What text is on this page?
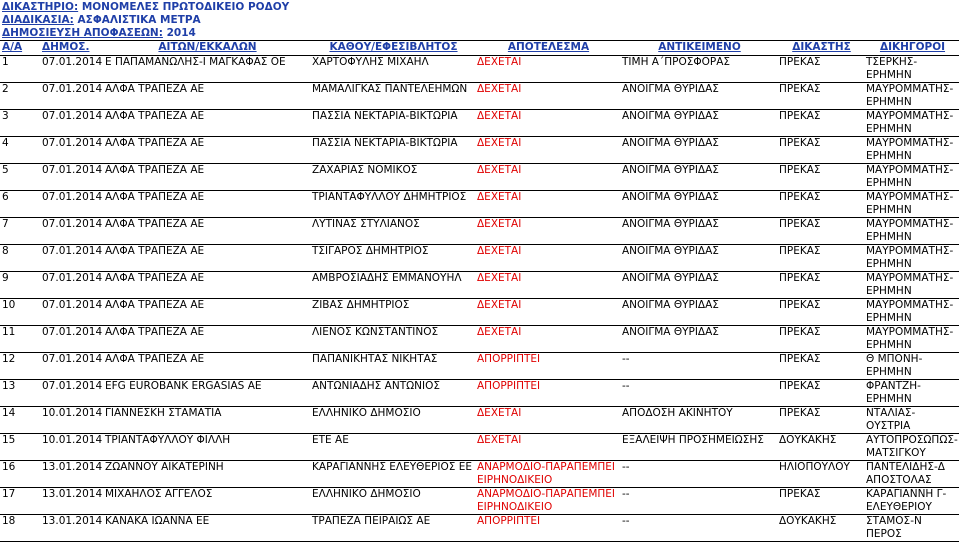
ΔΙΚΑΣΤΗΡΙΟ: ΜΟΝΟΜΕΛΕΣ ΠΡΩΤΟΔΙΚΕΙΟ ΡΟΔΟΥ
ΔΙΑΔΙΚΑΣΙΑ: ΑΣΦΑΛΙΣΤΙΚΑ ΜΕΤΡΑ
ΔΗΜΟΣΙΕΥΣΗ ΑΠΟΦΑΣΕΩΝ: 2014
Α/Α	ΔΗΜΟΣ.	ΑΙΤΩΝ/ΕΚΚΑΛΩΝ	ΚΑΘΟΥ/ΕΦΕΣΙΒΛΗΤΟΣ	ΑΠΟΤΕΛΕΣΜΑ	ΑΝΤΙΚΕΙΜΕΝΟ	ΔΙΚΑΣΤΗΣ	ΔΙΚΗΓΟΡΟΙ
1	07.01.2014	Ε ΠΑΠΑΜΑΝΩΛΗΣ-Ι ΜΑΓΚΑΦΑΣ ΟΕ	ΧΑΡΤΟΦΥΛΗΣ ΜΙΧΑΗΛ	ΔΕΧΕΤΑΙ	ΤΙΜΗ Α΄ΠΡΟΣΦΟΡΑΣ	ΠΡΕΚΑΣ	ΤΣΕΡΚΗΣ-ΕΡΗΜΗΝ
2	07.01.2014	ΑΛΦΑ ΤΡΑΠΕΖΑ ΑΕ	ΜΑΜΑΛΙΓΚΑΣ ΠΑΝΤΕΛΕΗΜΩΝ	ΔΕΧΕΤΑΙ	ΑΝΟΙΓΜΑ ΘΥΡΙΔΑΣ	ΠΡΕΚΑΣ	ΜΑΥΡΟΜΜΑΤΗΣ-ΕΡΗΜΗΝ
3	07.01.2014	ΑΛΦΑ ΤΡΑΠΕΖΑ ΑΕ	ΠΑΣΣΙΑ ΝΕΚΤΑΡΙΑ-ΒΙΚΤΩΡΙΑ	ΔΕΧΕΤΑΙ	ΑΝΟΙΓΜΑ ΘΥΡΙΔΑΣ	ΠΡΕΚΑΣ	ΜΑΥΡΟΜΜΑΤΗΣ-ΕΡΗΜΗΝ
4	07.01.2014	ΑΛΦΑ ΤΡΑΠΕΖΑ ΑΕ	ΠΑΣΣΙΑ ΝΕΚΤΑΡΙΑ-ΒΙΚΤΩΡΙΑ	ΔΕΧΕΤΑΙ	ΑΝΟΙΓΜΑ ΘΥΡΙΔΑΣ	ΠΡΕΚΑΣ	ΜΑΥΡΟΜΜΑΤΗΣ-ΕΡΗΜΗΝ
5	07.01.2014	ΑΛΦΑ ΤΡΑΠΕΖΑ ΑΕ	ΖΑΧΑΡΙΑΣ ΝΟΜΙΚΟΣ	ΔΕΧΕΤΑΙ	ΑΝΟΙΓΜΑ ΘΥΡΙΔΑΣ	ΠΡΕΚΑΣ	ΜΑΥΡΟΜΜΑΤΗΣ-ΕΡΗΜΗΝ
6	07.01.2014	ΑΛΦΑ ΤΡΑΠΕΖΑ ΑΕ	ΤΡΙΑΝΤΑΦΥΛΛΟΥ ΔΗΜΗΤΡΙΟΣ	ΔΕΧΕΤΑΙ	ΑΝΟΙΓΜΑ ΘΥΡΙΔΑΣ	ΠΡΕΚΑΣ	ΜΑΥΡΟΜΜΑΤΗΣ-ΕΡΗΜΗΝ
7	07.01.2014	ΑΛΦΑ ΤΡΑΠΕΖΑ ΑΕ	ΛΥΤΙΝΑΣ ΣΤΥΛΙΑΝΟΣ	ΔΕΧΕΤΑΙ	ΑΝΟΙΓΜΑ ΘΥΡΙΔΑΣ	ΠΡΕΚΑΣ	ΜΑΥΡΟΜΜΑΤΗΣ-ΕΡΗΜΗΝ
8	07.01.2014	ΑΛΦΑ ΤΡΑΠΕΖΑ ΑΕ	ΤΣΙΓΑΡΟΣ ΔΗΜΗΤΡΙΟΣ	ΔΕΧΕΤΑΙ	ΑΝΟΙΓΜΑ ΘΥΡΙΔΑΣ	ΠΡΕΚΑΣ	ΜΑΥΡΟΜΜΑΤΗΣ-ΕΡΗΜΗΝ
9	07.01.2014	ΑΛΦΑ ΤΡΑΠΕΖΑ ΑΕ	ΑΜΒΡΟΣΙΑΔΗΣ ΕΜΜΑΝΟΥΗΛ	ΔΕΧΕΤΑΙ	ΑΝΟΙΓΜΑ ΘΥΡΙΔΑΣ	ΠΡΕΚΑΣ	ΜΑΥΡΟΜΜΑΤΗΣ-ΕΡΗΜΗΝ
10	07.01.2014	ΑΛΦΑ ΤΡΑΠΕΖΑ ΑΕ	ΖΙΒΑΣ ΔΗΜΗΤΡΙΟΣ	ΔΕΧΕΤΑΙ	ΑΝΟΙΓΜΑ ΘΥΡΙΔΑΣ	ΠΡΕΚΑΣ	ΜΑΥΡΟΜΜΑΤΗΣ-ΕΡΗΜΗΝ
11	07.01.2014	ΑΛΦΑ ΤΡΑΠΕΖΑ ΑΕ	ΛΙΕΝΟΣ ΚΩΝΣΤΑΝΤΙΝΟΣ	ΔΕΧΕΤΑΙ	ΑΝΟΙΓΜΑ ΘΥΡΙΔΑΣ	ΠΡΕΚΑΣ	ΜΑΥΡΟΜΜΑΤΗΣ-ΕΡΗΜΗΝ
12	07.01.2014	ΑΛΦΑ ΤΡΑΠΕΖΑ ΑΕ	ΠΑΠΑΝΙΚΗΤΑΣ ΝΙΚΗΤΑΣ	ΑΠΟΡΡΙΠΤΕΙ	--	ΠΡΕΚΑΣ	Θ ΜΠΟΝΗ-ΕΡΗΜΗΝ
13	07.01.2014	EFG EUROBANK ERGASIAS AE	ΑΝΤΩΝΙΑΔΗΣ ΑΝΤΩΝΙΟΣ	ΑΠΟΡΡΙΠΤΕΙ	--	ΠΡΕΚΑΣ	ΦΡΑΝΤΖΗ-ΕΡΗΜΗΝ
14	10.01.2014	ΓΙΑΝΝΕΣΚΗ ΣΤΑΜΑΤΙΑ	ΕΛΛΗΝΙΚΟ ΔΗΜΟΣΙΟ	ΔΕΧΕΤΑΙ	ΑΠΟΔΟΣΗ ΑΚΙΝΗΤΟΥ	ΠΡΕΚΑΣ	ΝΤΑΛΙΑΣ-ΟΥΣΤΡΙΑ
15	10.01.2014	ΤΡΙΑΝΤΑΦΥΛΛΟΥ ΦΙΛΛΗ	ΕΤΕ ΑΕ	ΔΕΧΕΤΑΙ	ΕΞΑΛΕΙΨΗ ΠΡΟΣΗΜΕΙΩΣΗΣ	ΔΟΥΚΑΚΗΣ	ΑΥΤΟΠΡΟΣΩΠΩΣ-ΜΑΤΣΙΓΚΟΥ
16	13.01.2014	ΖΩΑΝΝΟΥ ΑΙΚΑΤΕΡΙΝΗ	ΚΑΡΑΓΙΑΝΝΗΣ ΕΛΕΥΘΕΡΙΟΣ ΕΕ	ΑΝΑΡΜΟΔΙΟ-ΠΑΡΑΠΕΜΠΕΙ ΕΙΡΗΝΟΔΙΚΕΙΟ	--	ΗΛΙΟΠΟΥΛΟΥ	ΠΑΝΤΕΛΙΔΗΣ-Δ ΑΠΟΣΤΟΛΑΣ
17	13.01.2014	ΜΙΧΑΗΛΟΣ ΑΓΓΕΛΟΣ	ΕΛΛΗΝΙΚΟ ΔΗΜΟΣΙΟ	ΑΝΑΡΜΟΔΙΟ-ΠΑΡΑΠΕΜΠΕΙ ΕΙΡΗΝΟΔΙΚΕΙΟ	--	ΠΡΕΚΑΣ	ΚΑΡΑΓΙΑΝΝΗ Γ-ΕΛΕΥΘΕΡΙΟΥ
18	13.01.2014	ΚΑΝΑΚΑ ΙΩΑΝΝΑ ΕΕ	ΤΡΑΠΕΖΑ ΠΕΙΡΑΙΩΣ ΑΕ	ΑΠΟΡΡΙΠΤΕΙ	--	ΔΟΥΚΑΚΗΣ	ΣΤΑΜΟΣ-Ν ΠΕΡΟΣ
